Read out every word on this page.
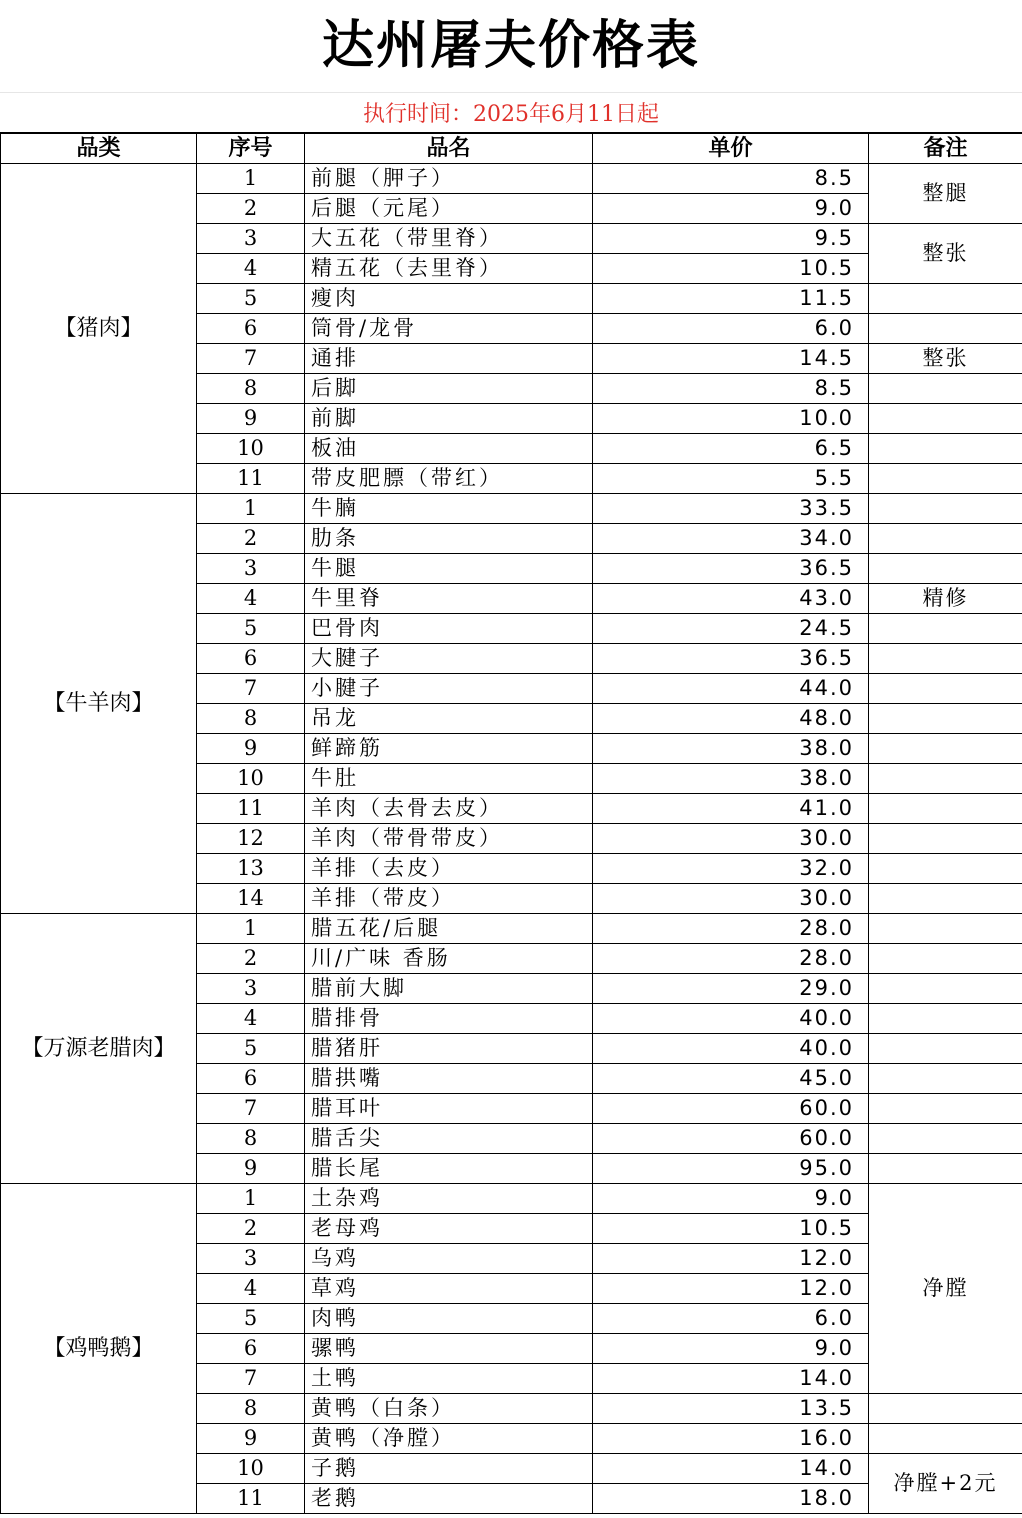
达州屠夫价格表
执行时间：2025年6月11日起
品类	序号	品名	单价	备注
【猪肉】	1	前腿（胛子）	8.5	整腿
	2	后腿（元尾）	9.0	
	3	大五花（带里脊）	9.5	整张
	4	精五花（去里脊）	10.5	
	5	瘦肉	11.5	
	6	筒骨/龙骨	6.0	
	7	通排	14.5	整张
	8	后脚	8.5	
	9	前脚	10.0	
	10	板油	6.5	
	11	带皮肥膘（带红）	5.5	
【牛羊肉】	1	牛腩	33.5	
	2	肋条	34.0	
	3	牛腿	36.5	
	4	牛里脊	43.0	精修
	5	巴骨肉	24.5	
	6	大腱子	36.5	
	7	小腱子	44.0	
	8	吊龙	48.0	
	9	鲜蹄筋	38.0	
	10	牛肚	38.0	
	11	羊肉（去骨去皮）	41.0	
	12	羊肉（带骨带皮）	30.0	
	13	羊排（去皮）	32.0	
	14	羊排（带皮）	30.0	
【万源老腊肉】	1	腊五花/后腿	28.0	
	2	川/广味 香肠	28.0	
	3	腊前大脚	29.0	
	4	腊排骨	40.0	
	5	腊猪肝	40.0	
	6	腊拱嘴	45.0	
	7	腊耳叶	60.0	
	8	腊舌尖	60.0	
	9	腊长尾	95.0	
【鸡鸭鹅】	1	土杂鸡	9.0	净膛
	2	老母鸡	10.5	
	3	乌鸡	12.0	
	4	草鸡	12.0	
	5	肉鸭	6.0	
	6	骡鸭	9.0	
	7	土鸭	14.0	
	8	黄鸭（白条）	13.5	
	9	黄鸭（净膛）	16.0	
	10	子鹅	14.0	净膛+2元
	11	老鹅	18.0	
